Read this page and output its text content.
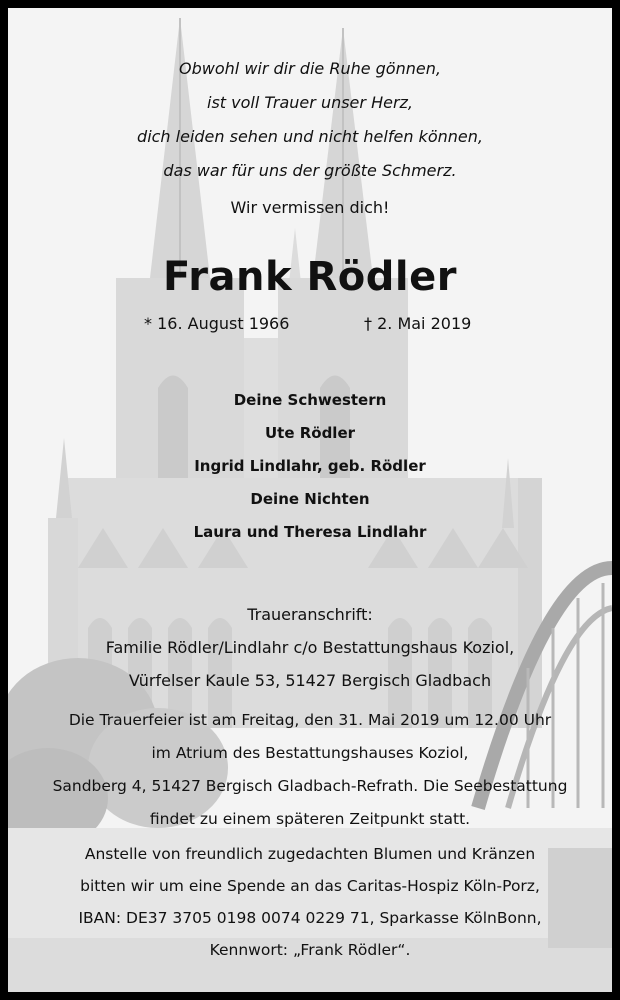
Obwohl wir dir die Ruhe gönnen,
ist voll Trauer unser Herz,
dich leiden sehen und nicht helfen können,
das war für uns der größte Schmerz.
Wir vermissen dich!
Frank Rödler
* 16. August 1966	† 2. Mai 2019
Deine Schwestern
Ute Rödler
Ingrid Lindlahr, geb. Rödler
Deine Nichten
Laura und Theresa Lindlahr
Traueranschrift:
Familie Rödler/Lindlahr c/o Bestattungshaus Koziol,
Vürfelser Kaule 53, 51427 Bergisch Gladbach
Die Trauerfeier ist am Freitag, den 31. Mai 2019 um 12.00 Uhr
im Atrium des Bestattungshauses Koziol,
Sandberg 4, 51427 Bergisch Gladbach-Refrath. Die Seebestattung
findet zu einem späteren Zeitpunkt statt.
Anstelle von freundlich zugedachten Blumen und Kränzen
bitten wir um eine Spende an das Caritas-Hospiz Köln-Porz,
IBAN: DE37 3705 0198 0074 0229 71, Sparkasse KölnBonn,
Kennwort: „Frank Rödler“.
